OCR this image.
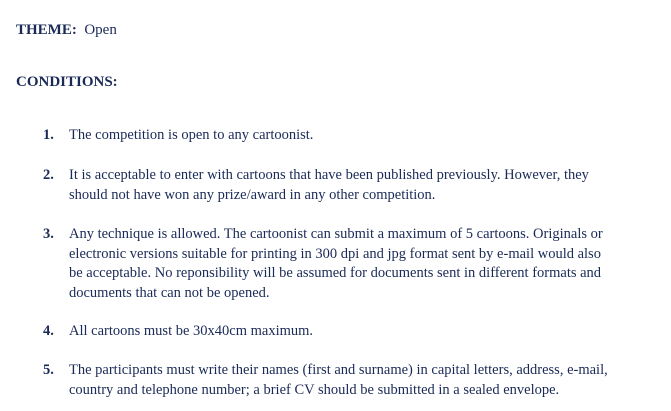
THEME: Open
CONDITIONS:
1. The competition is open to any cartoonist.
2. It is acceptable to enter with cartoons that have been published previously. However, they
should not have won any prize/award in any other competition.
3. Any technique is allowed. The cartoonist can submit a maximum of 5 cartoons. Originals or
electronic versions suitable for printing in 300 dpi and jpg format sent by e-mail would also
be acceptable. No reponsibility will be assumed for documents sent in different formats and
documents that can not be opened.
4. All cartoons must be 30x40cm maximum.
5. The participants must write their names (first and surname) in capital letters, address, e-mail,
country and telephone number; a brief CV should be submitted in a sealed envelope.
